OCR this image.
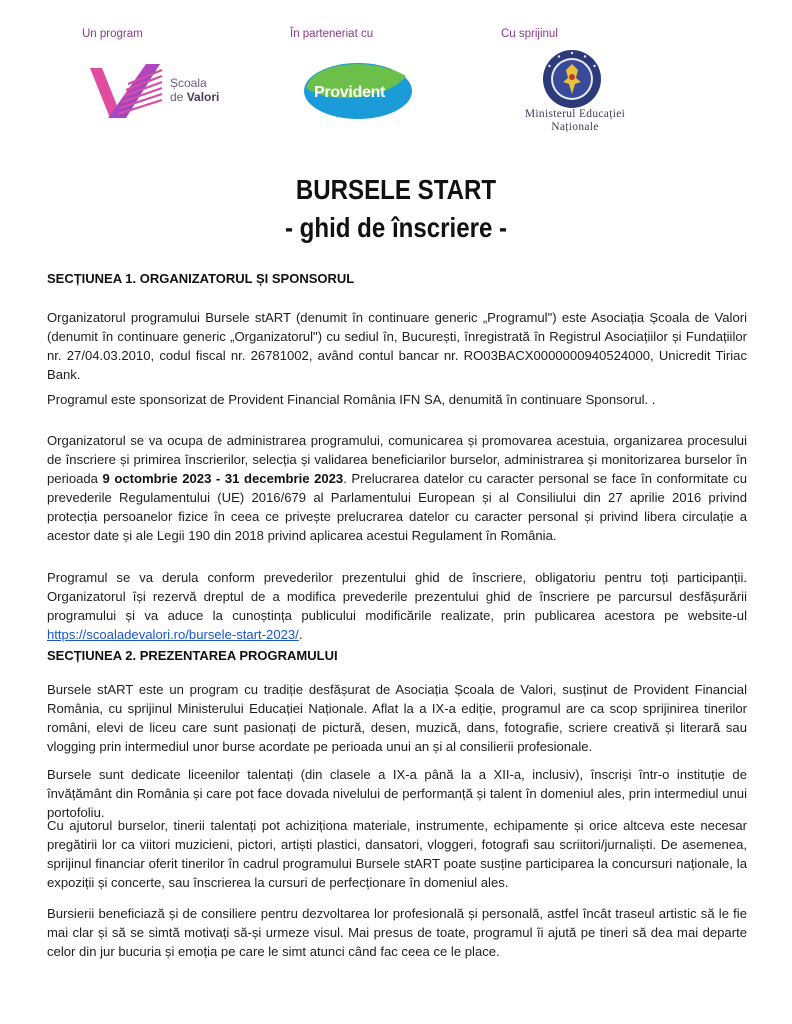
Un program
Școala
de Valori
În parteneriat cu
Provident
Cu sprijinul
Ministerul Educației
Naționale
BURSELE START
- ghid de înscriere -
SECȚIUNEA 1. ORGANIZATORUL ȘI SPONSORUL
Organizatorul programului Bursele stART (denumit în continuare generic „Programul") este Asociația Școala de Valori (denumit în continuare generic „Organizatorul") cu sediul în, București, înregistrată în Registrul Asociațiilor și Fundațiilor nr. 27/04.03.2010, codul fiscal nr. 26781002, având contul bancar nr. RO03BACX0000000940524000, Unicredit Tiriac Bank.
Programul este sponsorizat de Provident Financial România IFN SA, denumită în continuare Sponsorul. .
Organizatorul se va ocupa de administrarea programului, comunicarea și promovarea acestuia, organizarea procesului de înscriere și primirea înscrierilor, selecția și validarea beneficiarilor burselor, administrarea și monitorizarea burselor în perioada 9 octombrie 2023 - 31 decembrie 2023. Prelucrarea datelor cu caracter personal se face în conformitate cu prevederile Regulamentului (UE) 2016/679 al Parlamentului European și al Consiliului din 27 aprilie 2016 privind protecția persoanelor fizice în ceea ce privește prelucrarea datelor cu caracter personal și privind libera circulație a acestor date și ale Legii 190 din 2018 privind aplicarea acestui Regulament în România.
Programul se va derula conform prevederilor prezentului ghid de înscriere, obligatoriu pentru toți participanții. Organizatorul își rezervă dreptul de a modifica prevederile prezentului ghid de înscriere pe parcursul desfășurării programului și va aduce la cunoștința publicului modificările realizate, prin publicarea acestora pe website-ul https://scoaladevalori.ro/bursele-start-2023/.
SECȚIUNEA 2. PREZENTAREA PROGRAMULUI
Bursele stART este un program cu tradiție desfășurat de Asociația Școala de Valori, susținut de Provident Financial România, cu sprijinul Ministerului Educației Naționale. Aflat la a IX-a ediție, programul are ca scop sprijinirea tinerilor români, elevi de liceu care sunt pasionați de pictură, desen, muzică, dans, fotografie, scriere creativă și literară sau vlogging prin intermediul unor burse acordate pe perioada unui an și al consilierii profesionale.
Bursele sunt dedicate liceenilor talentați (din clasele a IX-a până la a XII-a, inclusiv), înscriși într-o instituție de învățământ din România și care pot face dovada nivelului de performanță și talent în domeniul ales, prin intermediul unui portofoliu.
Cu ajutorul burselor, tinerii talentați pot achiziționa materiale, instrumente, echipamente și orice altceva este necesar pregătirii lor ca viitori muzicieni, pictori, artiști plastici, dansatori, vloggeri, fotografi sau scriitori/jurnaliști. De asemenea, sprijinul financiar oferit tinerilor în cadrul programului Bursele stART poate susține participarea la concursuri naționale, la expoziții și concerte, sau înscrierea la cursuri de perfecționare în domeniul ales.
Bursierii beneficiază și de consiliere pentru dezvoltarea lor profesională și personală, astfel încât traseul artistic să le fie mai clar și să se simtă motivați să-și urmeze visul. Mai presus de toate, programul îi ajută pe tineri să dea mai departe celor din jur bucuria și emoția pe care le simt atunci când fac ceea ce le place.
